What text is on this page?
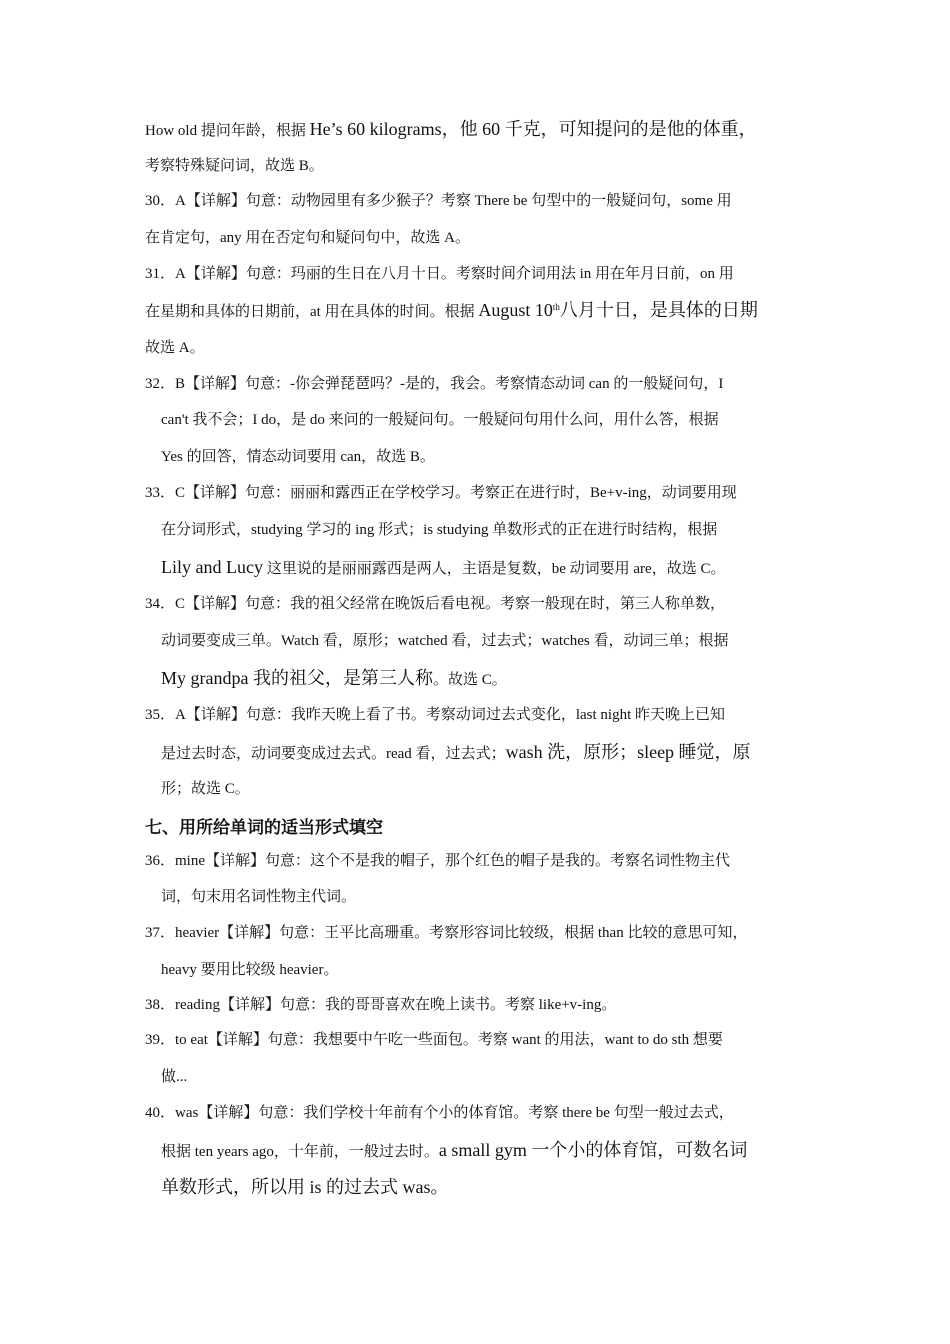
How old 提问年龄，根据 He’s 60 kilograms，他 60 千克，可知提问的是他的体重，
考察特殊疑问词，故选 B。
30．A【详解】句意：动物园里有多少猴子？考察 There be 句型中的一般疑问句，some 用
在肯定句，any 用在否定句和疑问句中，故选 A。
31．A【详解】句意：玛丽的生日在八月十日。考察时间介词用法 in 用在年月日前，on 用
在星期和具体的日期前，at 用在具体的时间。根据 August 10th八月十日，是具体的日期
故选 A。
32．B【详解】句意：-你会弹琵琶吗？-是的，我会。考察情态动词 can 的一般疑问句，I
can't 我不会；I do，是 do 来问的一般疑问句。一般疑问句用什么问，用什么答，根据
Yes 的回答，情态动词要用 can，故选 B。
33．C【详解】句意：丽丽和露西正在学校学习。考察正在进行时，Be+v-ing，动词要用现
在分词形式，studying 学习的 ing 形式；is studying 单数形式的正在进行时结构，根据
Lily and Lucy 这里说的是丽丽露西是两人，主语是复数，be 动词要用 are，故选 C。
34．C【详解】句意：我的祖父经常在晚饭后看电视。考察一般现在时，第三人称单数，
动词要变成三单。Watch 看，原形；watched 看，过去式；watches 看，动词三单；根据
My grandpa 我的祖父，是第三人称。故选 C。
35．A【详解】句意：我昨天晚上看了书。考察动词过去式变化，last night 昨天晚上已知
是过去时态，动词要变成过去式。read 看，过去式；wash 洗，原形；sleep 睡觉，原
形；故选 C。
七、用所给单词的适当形式填空
36．mine【详解】句意：这个不是我的帽子，那个红色的帽子是我的。考察名词性物主代
词，句末用名词性物主代词。
37．heavier【详解】句意：王平比高珊重。考察形容词比较级，根据 than 比较的意思可知，
heavy 要用比较级 heavier。
38．reading【详解】句意：我的哥哥喜欢在晚上读书。考察 like+v-ing。
39．to eat【详解】句意：我想要中午吃一些面包。考察 want 的用法，want to do sth 想要
做...
40．was【详解】句意：我们学校十年前有个小的体育馆。考察 there be 句型一般过去式，
根据 ten years ago，十年前，一般过去时。a small gym 一个小的体育馆，可数名词
单数形式，所以用 is 的过去式 was。
